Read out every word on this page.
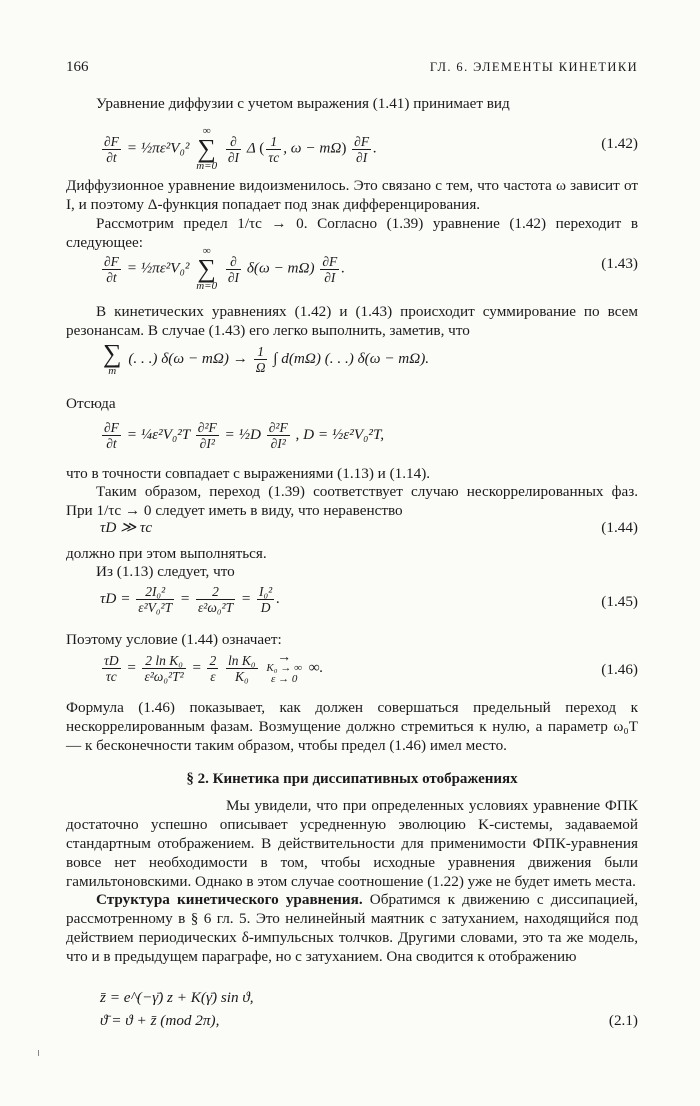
166	ГЛ. 6. ЭЛЕМЕНТЫ КИНЕТИКИ
Уравнение диффузии с учетом выражения (1.41) принимает вид
$\frac{\partial F}{\partial t}$ = ½πε²V₀²
∞
∑
m=0

$\frac{\partial}{\partial I}$ Δ ( $\frac{1}{\tau c}$ , $\omega - m\Omega) \frac{\partial F}{\partial I}$ .	(1.42)
Диффузионное уравнение видоизменилось. Это связано с тем, что частота ω зависит от I, и поэтому Δ-функция попадает под знак дифференцирования.
Рассмотрим предел 1/τc → 0. Согласно (1.39) уравнение (1.42) переходит в следующее:
$\frac{\partial F}{\partial t}$ = ½πε²V₀²
∞
∑
m=0

$\frac{\partial}{\partial I} \delta(\omega - m\Omega) \frac{\partial F}{\partial I}$ .	(1.43)
В кинетических уравнениях (1.42) и (1.43) происходит суммирование по всем резонансам. В случае (1.43) его легко выполнить, заметив, что
∑
m
(. . .) $\delta(\omega - m\Omega) \to \frac{1}{\Omega}$ ∫ d(mΩ) (. . .) δ(ω − mΩ).
Отсюда
$\frac{\partial F}{\partial t}$ = ¼ε²V₀²T $\frac{\text{∂²F}}{\text{∂I²}}$ = ½D $\frac{\text{∂²F}}{\text{∂I²}}$ , D = ½ε²V₀²T,
что в точности совпадает с выражениями (1.13) и (1.14).
Таким образом, переход (1.39) соответствует случаю нескоррелированных фаз. При 1/τc → 0 следует иметь в виду, что неравенство
τD ≫ τc	(1.44)
должно при этом выполняться.
Из (1.13) следует, что
$\tau D = \frac{\text{2I₀²}}{\text{ε²V₀²T}} = \frac{2}{\text{ε²ω₀²T}} = \frac{\text{I₀²}}{D}$ .	(1.45)
Поэтому условие (1.44) означает:
$\frac{\tau D}{\tau c} = \frac{\text{2 ln K₀}}{\text{ε²ω₀²T²}} = \frac{2}{\varepsilon}$
$\frac{\text{ln K₀}}{\text{K₀}}$
	→
K₀ → ∞
ε → 0
∞.	(1.46)
Формула (1.46) показывает, как должен совершаться предельный переход к нескоррелированным фазам. Возмущение должно стремиться к нулю, а параметр ω₀T — к бесконечности таким образом, чтобы предел (1.46) имел место.
§ 2. Кинетика при диссипативных отображениях
Мы увидели, что при определенных условиях уравнение ФПК достаточно успешно описывает усредненную эволюцию K-системы, задаваемой стандартным отображением. В действительности для применимости ФПК-уравнения вовсе нет необходимости в том, чтобы исходные уравнения движения были гамильтоновскими. Однако в этом случае соотношение (1.22) уже не будет иметь места.
Структура кинетического уравнения. Обратимся к движению с диссипацией, рассмотренному в § 6 гл. 5. Это нелинейный маятник с затуханием, находящийся под действием периодических δ-импульсных толчков. Другими словами, это та же модель, что и в предыдущем параграфе, но с затуханием. Она сводится к отображению
z̄ = e^(−γ̄) z + K(γ̄) sin ϑ,
ϑ̄ = ϑ + z̄ (mod 2π),	(2.1)
